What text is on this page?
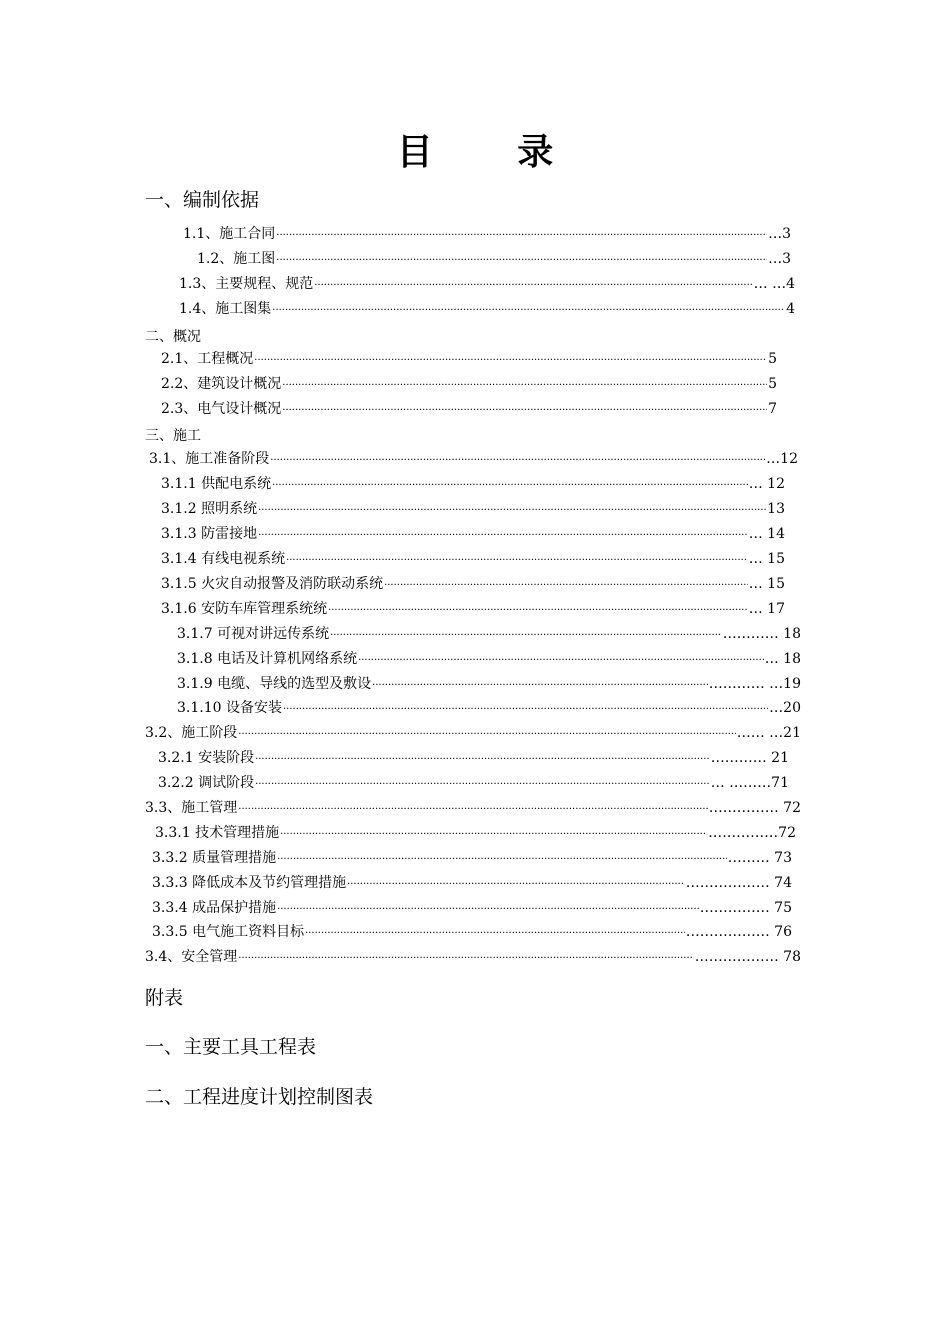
目 录
一、编制依据
1.1、施工合同 ·····	…3
1.2、施工图 ·····	…3
1.3、主要规程、规范 ·····	… …4
1.4、施工图集 ·····	4
二、概况
2.1、工程概况 ·····	5
2.2、建筑设计概况 ·····	5
2.3、电气设计概况 ·····	7
三、施工
3.1、施工准备阶段 ·····	…12
3.1.1 供配电系统 ·····	… 12
3.1.2 照明系统 ·····	13
3.1.3 防雷接地 ·····	… 14
3.1.4 有线电视系统 ·····	… 15
3.1.5 火灾自动报警及消防联动系统 ·····	… 15
3.1.6 安防车库管理系统统 ·····	… 17
3.1.7 可视对讲远传系统 ·····	………… 18
3.1.8 电话及计算机网络系统 ·····	… 18
3.1.9 电缆、导线的选型及敷设 ·····	………… …19
3.1.10 设备安装 ·····	…20
3.2、施工阶段 ·····	…… …21
3.2.1 安装阶段 ·····	………… 21
3.2.2 调试阶段 ·····	… ………71
3.3、施工管理 ·····	…………… 72
3.3.1 技术管理措施 ·····	……………72
3.3.2 质量管理措施 ·····	……… 73
3.3.3 降低成本及节约管理措施 ·····	……………… 74
3.3.4 成品保护措施 ·····	…………… 75
3.3.5 电气施工资料目标 ·····	……………… 76
3.4、安全管理 ·····	……………… 78
附表
一、主要工具工程表
二、工程进度计划控制图表
